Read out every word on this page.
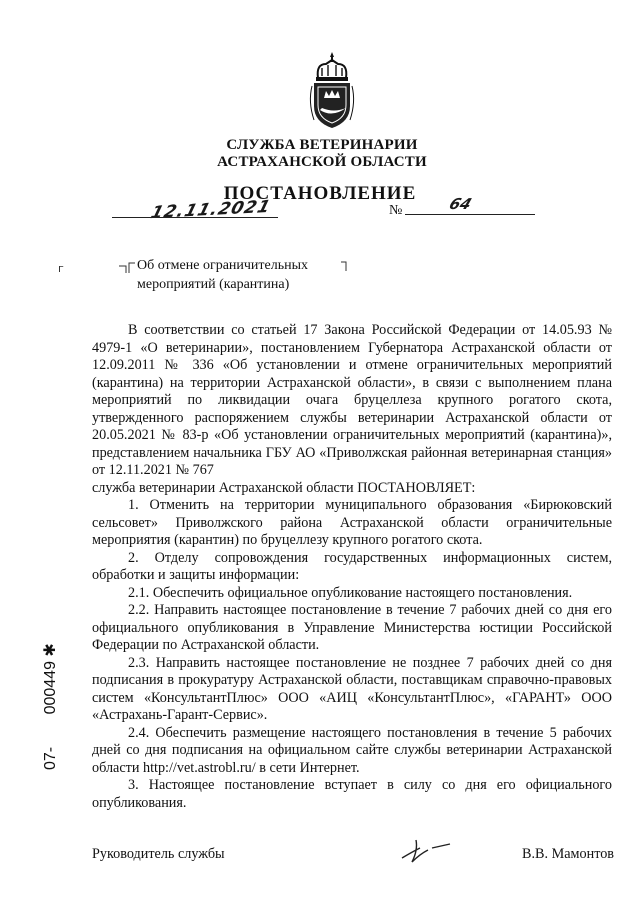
СЛУЖБА ВЕТЕРИНАРИИ
АСТРАХАНСКОЙ ОБЛАСТИ
ПОСТАНОВЛЕНИЕ
12.11.2021	№	64
г	Об отмене ограничительных
мероприятий (карантина)

В соответствии со статьей 17 Закона Российской Федерации от 14.05.93 № 4979-1 «О ветеринарии», постановлением Губернатора Астраханской области от 12.09.2011 № 336 «Об установлении и отмене ограничительных мероприятий (карантина) на территории Астраханской области», в связи с выполнением плана мероприятий по ликвидации очага бруцеллеза крупного рогатого скота, утвержденного распоряжением службы ветеринарии Астраханской области от 20.05.2021 № 83-р «Об установлении ограничительных мероприятий (карантина)», представлением начальника ГБУ АО «Приволжская районная ветеринарная станция» от 12.11.2021 № 767

служба ветеринарии Астраханской области ПОСТАНОВЛЯЕТ:

1. Отменить на территории муниципального образования «Бирюковский сельсовет» Приволжского района Астраханской области ограничительные мероприятия (карантин) по бруцеллезу крупного рогатого скота.

2. Отделу сопровождения государственных информационных систем, обработки и защиты информации:

2.1. Обеспечить официальное опубликование настоящего постановления.

2.2. Направить настоящее постановление в течение 7 рабочих дней со дня его официального опубликования в Управление Министерства юстиции Российской Федерации по Астраханской области.

2.3. Направить настоящее постановление не позднее 7 рабочих дней со дня подписания в прокуратуру Астраханской области, поставщикам справочно-правовых систем «КонсультантПлюс» ООО «АИЦ «КонсультантПлюс», «ГАРАНТ» ООО «Астрахань-Гарант-Сервис».

2.4. Обеспечить размещение настоящего постановления в течение 5 рабочих дней со дня подписания на официальном сайте службы ветеринарии Астраханской области http://vet.astrobl.ru/ в сети Интернет.

3. Настоящее постановление вступает в силу со дня его официального опубликования.

Руководитель службы	В.В. Мамонтов
07- 000449 ✱
